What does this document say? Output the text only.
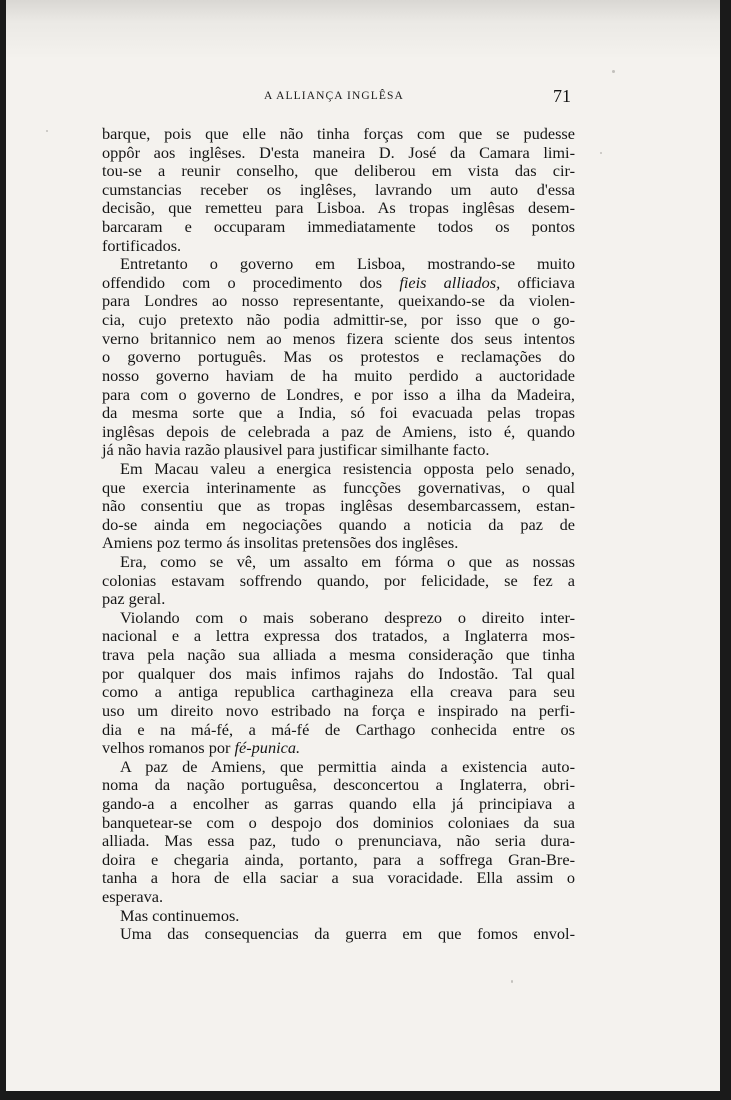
A ALLIANÇA INGLÊSA	71
barque, pois que elle não tinha forças com que se pudesse
oppôr aos inglêses. D'esta maneira D. José da Camara limi-
tou-se a reunir conselho, que deliberou em vista das cir-
cumstancias receber os inglêses, lavrando um auto d'essa
decisão, que remetteu para Lisboa. As tropas inglêsas desem-
barcaram e occuparam immediatamente todos os pontos
fortificados.
Entretanto o governo em Lisboa, mostrando-se muito
offendido com o procedimento dos fieis alliados, officiava
para Londres ao nosso representante, queixando-se da violen-
cia, cujo pretexto não podia admittir-se, por isso que o go-
verno britannico nem ao menos fizera sciente dos seus intentos
o governo português. Mas os protestos e reclamações do
nosso governo haviam de ha muito perdido a auctoridade
para com o governo de Londres, e por isso a ilha da Madeira,
da mesma sorte que a India, só foi evacuada pelas tropas
inglêsas depois de celebrada a paz de Amiens, isto é, quando
já não havia razão plausivel para justificar similhante facto.
Em Macau valeu a energica resistencia opposta pelo senado,
que exercia interinamente as funcções governativas, o qual
não consentiu que as tropas inglêsas desembarcassem, estan-
do-se ainda em negociações quando a noticia da paz de
Amiens poz termo ás insolitas pretensões dos inglêses.
Era, como se vê, um assalto em fórma o que as nossas
colonias estavam soffrendo quando, por felicidade, se fez a
paz geral.
Violando com o mais soberano desprezo o direito inter-
nacional e a lettra expressa dos tratados, a Inglaterra mos-
trava pela nação sua alliada a mesma consideração que tinha
por qualquer dos mais infimos rajahs do Indostão. Tal qual
como a antiga republica carthagineza ella creava para seu
uso um direito novo estribado na força e inspirado na perfi-
dia e na má-fé, a má-fé de Carthago conhecida entre os
velhos romanos por fé-punica.
A paz de Amiens, que permittia ainda a existencia auto-
noma da nação portuguêsa, desconcertou a Inglaterra, obri-
gando-a a encolher as garras quando ella já principiava a
banquetear-se com o despojo dos dominios coloniaes da sua
alliada. Mas essa paz, tudo o prenunciava, não seria dura-
doira e chegaria ainda, portanto, para a soffrega Gran-Bre-
tanha a hora de ella saciar a sua voracidade. Ella assim o
esperava.
Mas continuemos.
Uma das consequencias da guerra em que fomos envol-
